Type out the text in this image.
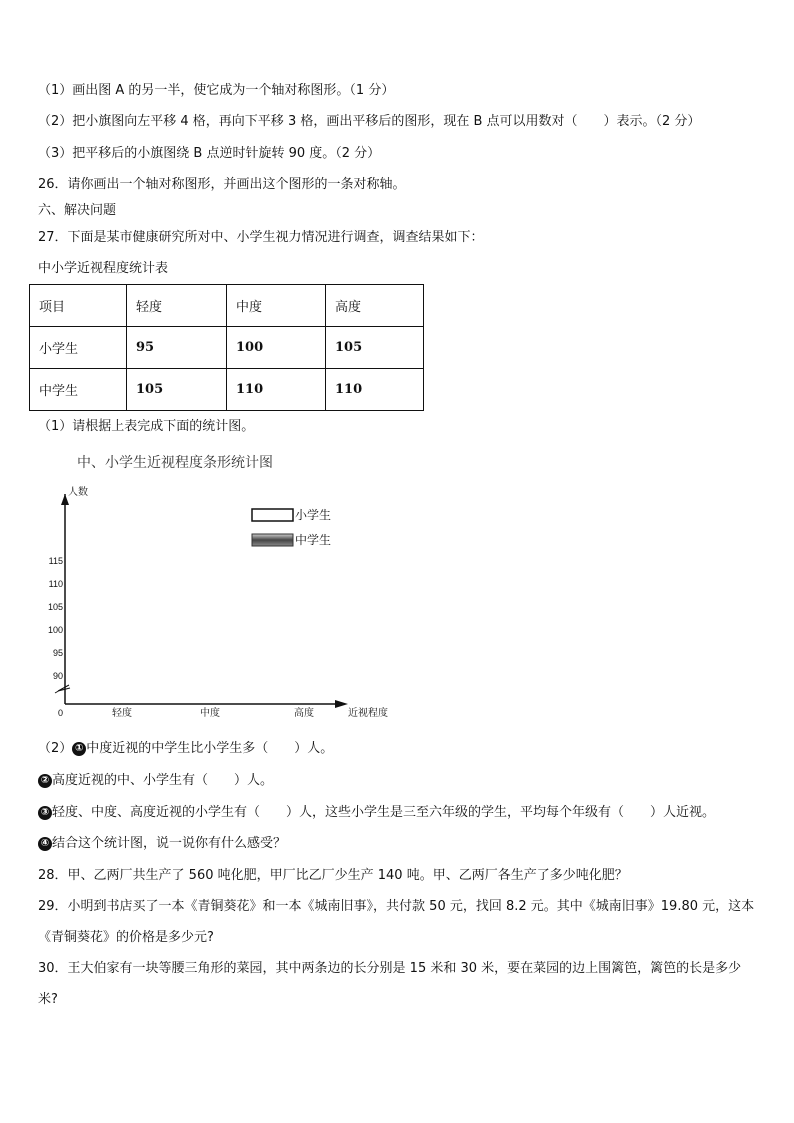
（1）画出图 A 的另一半，使它成为一个轴对称图形。（1 分）
（2）把小旗图向左平移 4 格，再向下平移 3 格，画出平移后的图形，现在 B 点可以用数对（　　）表示。（2 分）
（3）把平移后的小旗图绕 B 点逆时针旋转 90 度。（2 分）
26．请你画出一个轴对称图形，并画出这个图形的一条对称轴。
六、解决问题
27．下面是某市健康研究所对中、小学生视力情况进行调查，调查结果如下：
中小学近视程度统计表
项目	轻度	中度	高度
小学生	95	100	105
中学生	105	110	110
（1）请根据上表完成下面的统计图。
中、小学生近视程度条形统计图
人数
近视程度
0
90
95
100
105
110
115
轻度	中度	高度
小学生
中学生
（2） ① 中度近视的中学生比小学生多（　　）人。
② 高度近视的中、小学生有（　　）人。
③ 轻度、中度、高度近视的小学生有（　　）人，这些小学生是三至六年级的学生，平均每个年级有（　　）人近视。
④ 结合这个统计图，说一说你有什么感受？
28．甲、乙两厂共生产了 560 吨化肥，甲厂比乙厂少生产 140 吨。甲、乙两厂各生产了多少吨化肥？
29．小明到书店买了一本《青铜葵花》和一本《城南旧事》，共付款 50 元，找回 8.2 元。其中《城南旧事》19.80 元，这本《青铜葵花》的价格是多少元?
30．王大伯家有一块等腰三角形的菜园，其中两条边的长分别是 15 米和 30 米，要在菜园的边上围篱笆，篱笆的长是多少米?
